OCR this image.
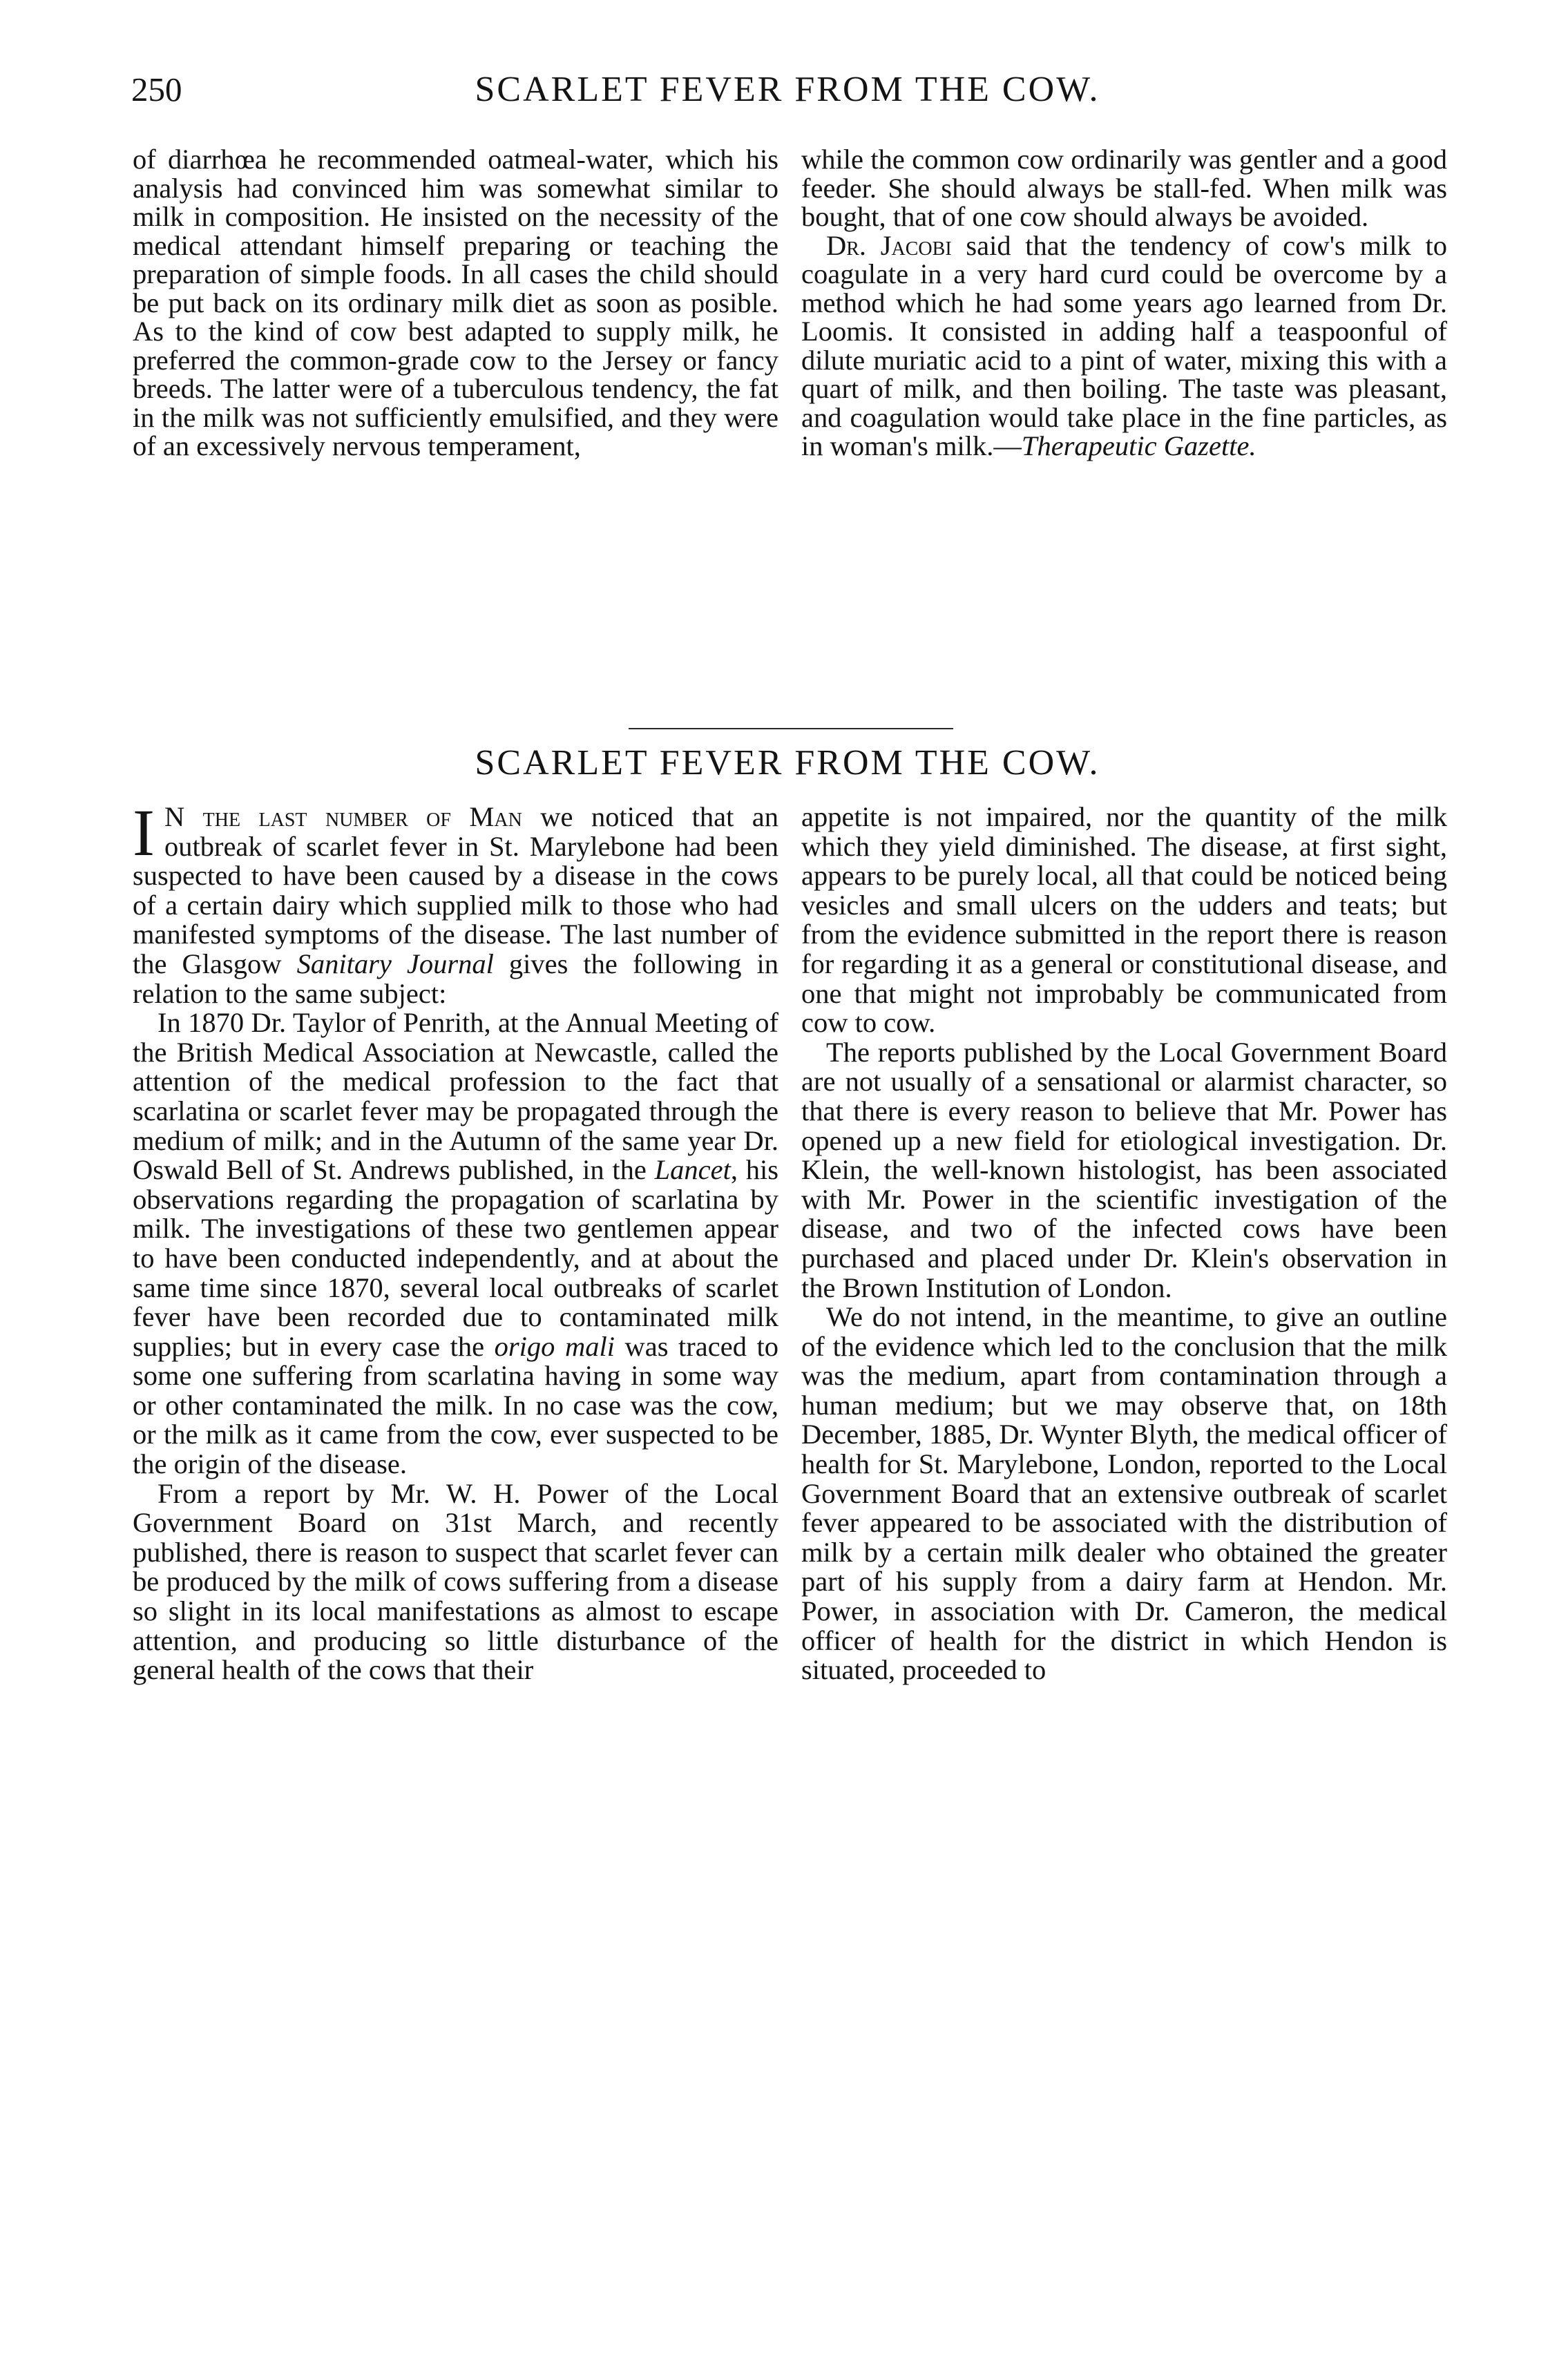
250	SCARLET FEVER FROM THE COW.

of diarrhœa he recommended oatmeal-water, which his analysis had convinced him was somewhat similar to milk in composition. He insisted on the necessity of the medical attendant himself preparing or teaching the preparation of simple foods. In all cases the child should be put back on its ordinary milk diet as soon as posible. As to the kind of cow best adapted to supply milk, he preferred the common-grade cow to the Jersey or fancy breeds. The latter were of a tuberculous tendency, the fat in the milk was not sufficiently emulsified, and they were of an excessively nervous temperament,

while the common cow ordinarily was gentler and a good feeder. She should always be stall-fed. When milk was bought, that of one cow should always be avoided.

Dr. Jacobi said that the tendency of cow's milk to coagulate in a very hard curd could be overcome by a method which he had some years ago learned from Dr. Loomis. It consisted in adding half a teaspoonful of dilute muriatic acid to a pint of water, mixing this with a quart of milk, and then boiling. The taste was pleasant, and coagulation would take place in the fine particles, as in woman's milk.—Therapeutic Gazette.

SCARLET FEVER FROM THE COW.

I N the last number of Man we noticed that an outbreak of scarlet fever in St. Marylebone had been suspected to have been caused by a disease in the cows of a certain dairy which supplied milk to those who had manifested symptoms of the disease. The last number of the Glasgow Sanitary Journal gives the following in relation to the same subject:

In 1870 Dr. Taylor of Penrith, at the Annual Meeting of the British Medical Association at Newcastle, called the attention of the medical profession to the fact that scarlatina or scarlet fever may be propagated through the medium of milk; and in the Autumn of the same year Dr. Oswald Bell of St. Andrews published, in the Lancet, his observations regarding the propagation of scarlatina by milk. The investigations of these two gentlemen appear to have been conducted independently, and at about the same time since 1870, several local outbreaks of scarlet fever have been recorded due to contaminated milk supplies; but in every case the origo mali was traced to some one suffering from scarlatina having in some way or other contaminated the milk. In no case was the cow, or the milk as it came from the cow, ever suspected to be the origin of the disease.

From a report by Mr. W. H. Power of the Local Government Board on 31st March, and recently published, there is reason to suspect that scarlet fever can be produced by the milk of cows suffering from a disease so slight in its local manifestations as almost to escape attention, and producing so little disturbance of the general health of the cows that their

appetite is not impaired, nor the quantity of the milk which they yield diminished. The disease, at first sight, appears to be purely local, all that could be noticed being vesicles and small ulcers on the udders and teats; but from the evidence submitted in the report there is reason for regarding it as a general or constitutional disease, and one that might not improbably be communicated from cow to cow.

The reports published by the Local Government Board are not usually of a sensational or alarmist character, so that there is every reason to believe that Mr. Power has opened up a new field for etiological investigation. Dr. Klein, the well-known histologist, has been associated with Mr. Power in the scientific investigation of the disease, and two of the infected cows have been purchased and placed under Dr. Klein's observation in the Brown Institution of London.

We do not intend, in the meantime, to give an outline of the evidence which led to the conclusion that the milk was the medium, apart from contamination through a human medium; but we may observe that, on 18th December, 1885, Dr. Wynter Blyth, the medical officer of health for St. Marylebone, London, reported to the Local Government Board that an extensive outbreak of scarlet fever appeared to be associated with the distribution of milk by a certain milk dealer who obtained the greater part of his supply from a dairy farm at Hendon. Mr. Power, in association with Dr. Cameron, the medical officer of health for the district in which Hendon is situated, proceeded to
